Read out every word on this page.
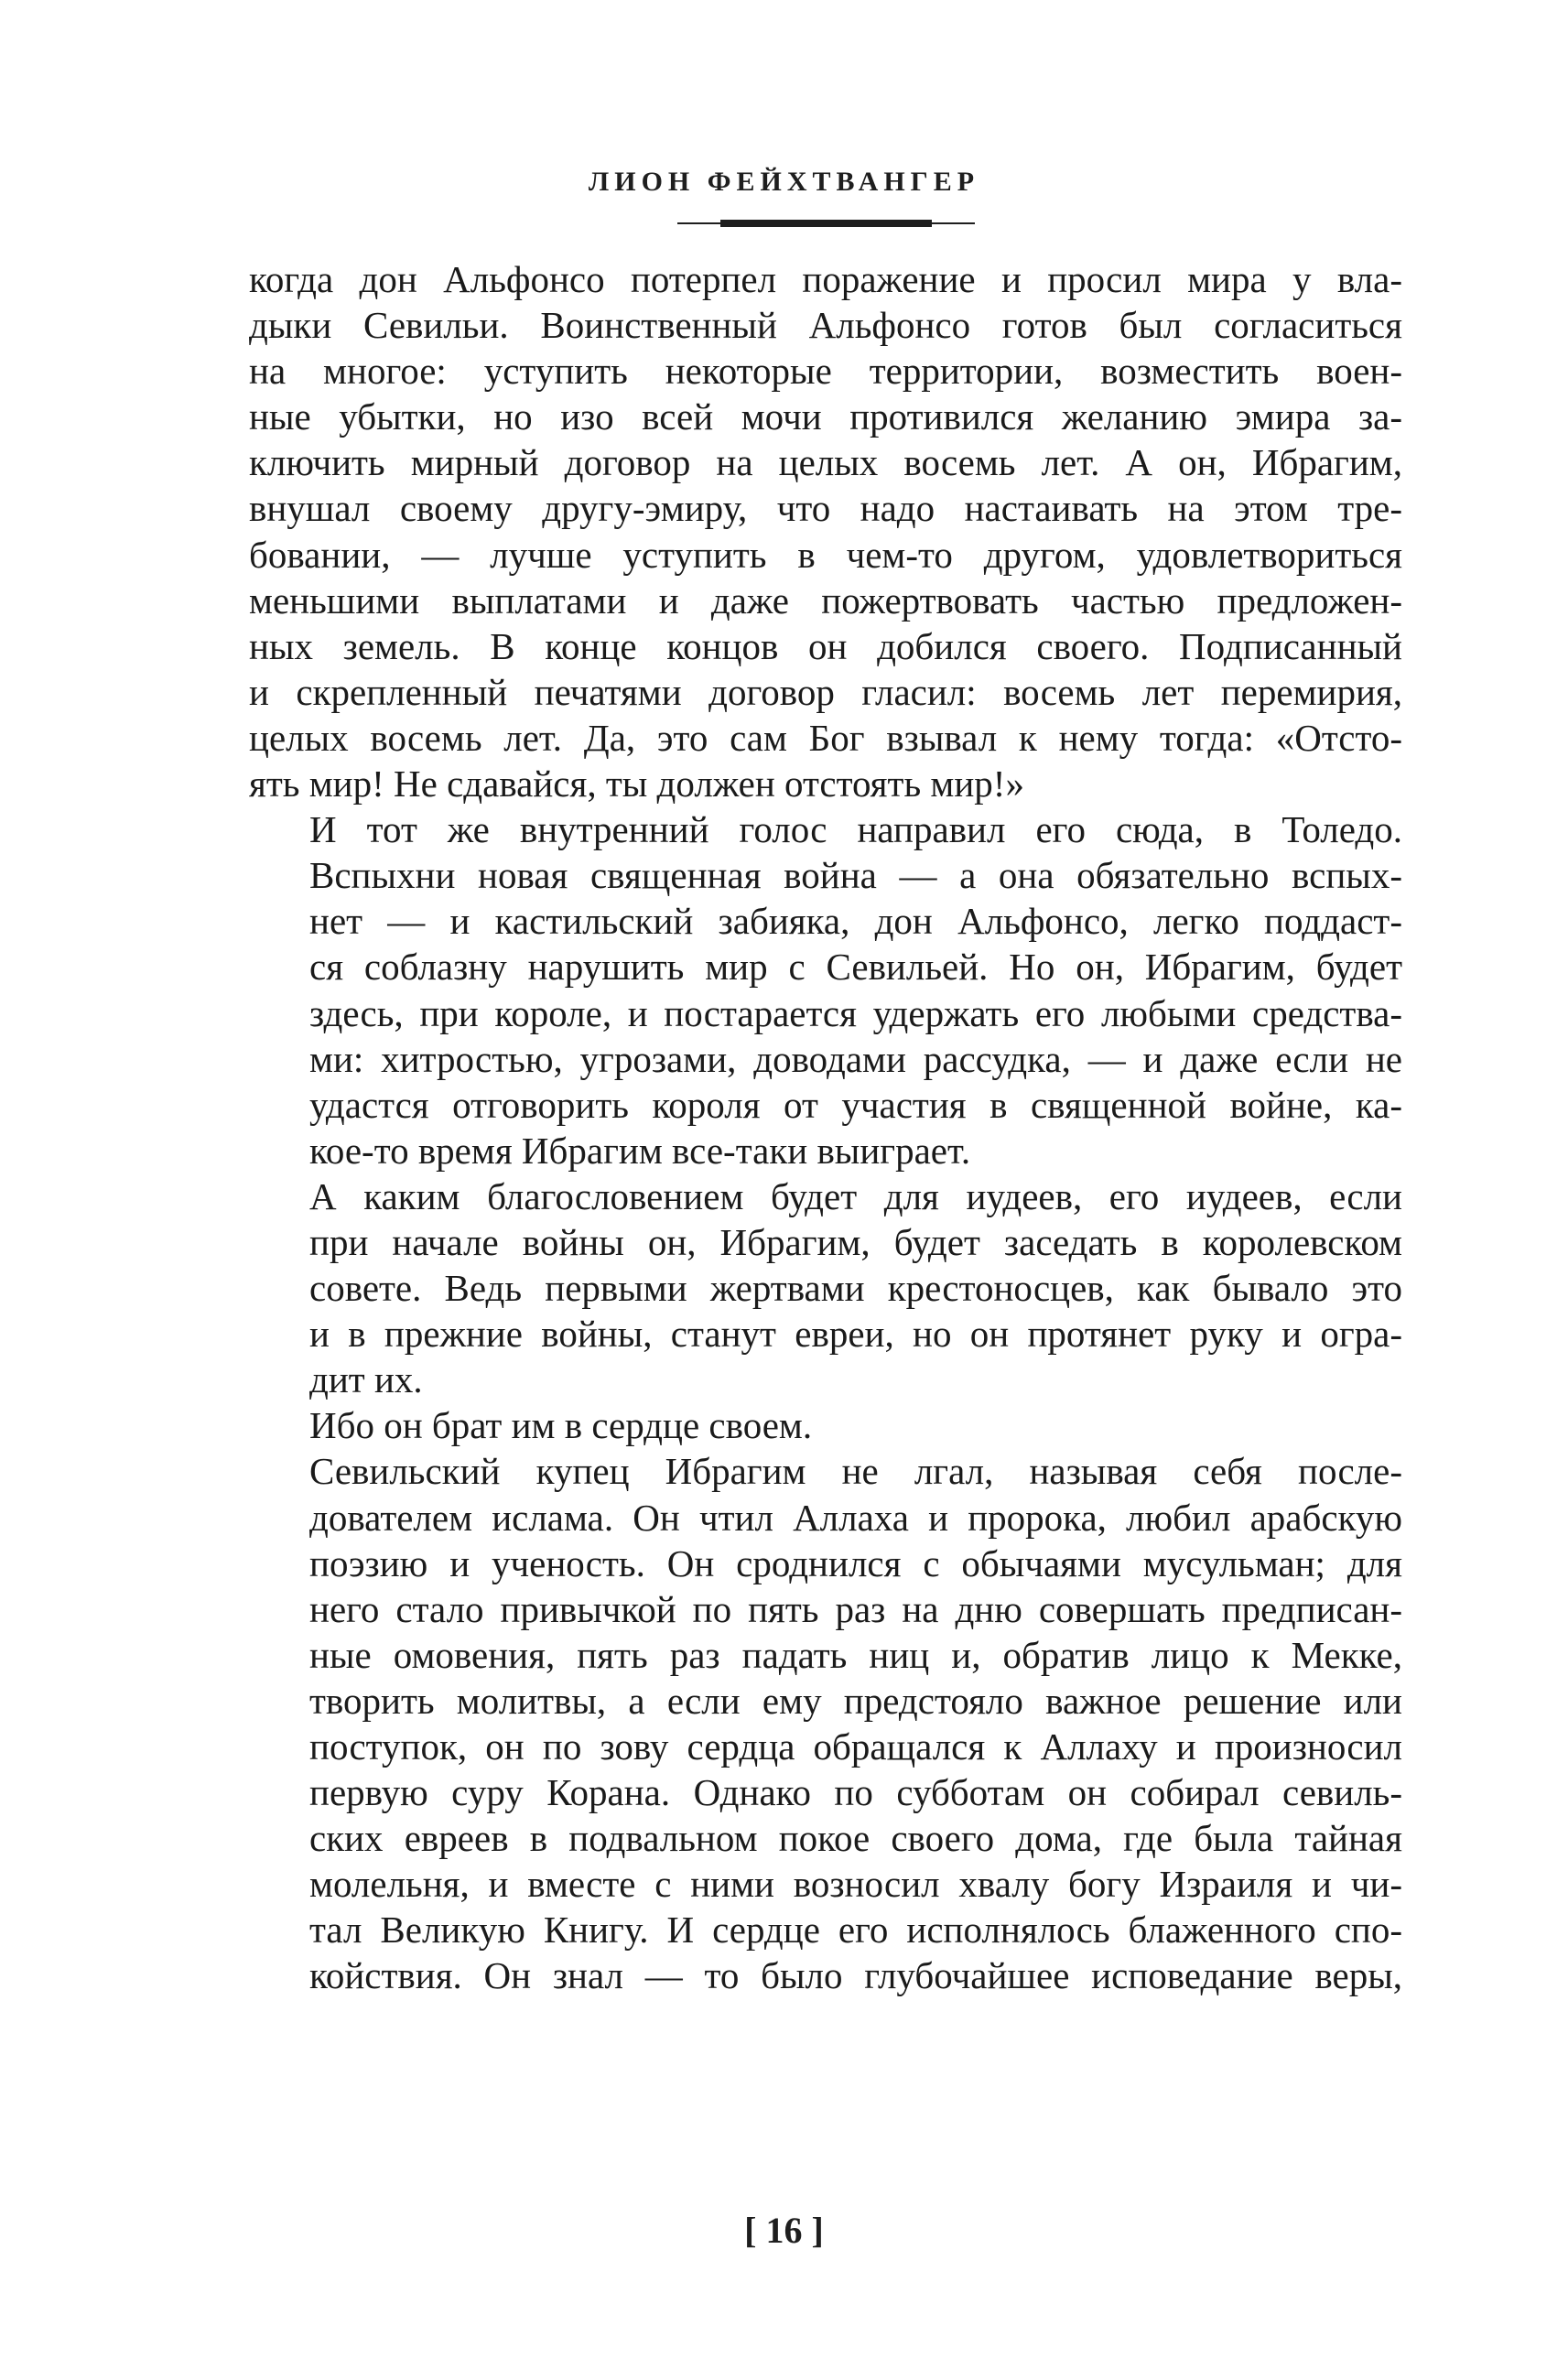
ЛИОН ФЕЙХТВАНГЕР

когда дон Альфонсо потерпел поражение и просил мира у вла-
дыки Севильи. Воинственный Альфонсо готов был согласиться
на многое: уступить некоторые территории, возместить воен-
ные убытки, но изо всей мочи противился желанию эмира за-
ключить мирный договор на целых восемь лет. А он, Ибрагим,
внушал своему другу-эмиру, что надо настаивать на этом тре-
бовании, — лучше уступить в чем-то другом, удовлетвориться
меньшими выплатами и даже пожертвовать частью предложен-
ных земель. В конце концов он добился своего. Подписанный
и скрепленный печатями договор гласил: восемь лет перемирия,
целых восемь лет. Да, это сам Бог взывал к нему тогда: «Отсто-
ять мир! Не сдавайся, ты должен отстоять мир!»

И тот же внутренний голос направил его сюда, в Толедо.
Вспыхни новая священная война — а она обязательно вспых-
нет — и кастильский забияка, дон Альфонсо, легко поддаст-
ся соблазну нарушить мир с Севильей. Но он, Ибрагим, будет
здесь, при короле, и постарается удержать его любыми средства-
ми: хитростью, угрозами, доводами рассудка, — и даже если не
удастся отговорить короля от участия в священной войне, ка-
кое-то время Ибрагим все-таки выиграет.

А каким благословением будет для иудеев, его иудеев, если
при начале войны он, Ибрагим, будет заседать в королевском
совете. Ведь первыми жертвами крестоносцев, как бывало это
и в прежние войны, станут евреи, но он протянет руку и огра-
дит их.

Ибо он брат им в сердце своем.

Севильский купец Ибрагим не лгал, называя себя после-
дователем ислама. Он чтил Аллаха и пророка, любил арабскую
поэзию и ученость. Он сроднился с обычаями мусульман; для
него стало привычкой по пять раз на дню совершать предписан-
ные омовения, пять раз падать ниц и, обратив лицо к Мекке,
творить молитвы, а если ему предстояло важное решение или
поступок, он по зову сердца обращался к Аллаху и произносил
первую суру Корана. Однако по субботам он собирал севиль-
ских евреев в подвальном покое своего дома, где была тайная
молельня, и вместе с ними возносил хвалу богу Израиля и чи-
тал Великую Книгу. И сердце его исполнялось блаженного спо-
койствия. Он знал — то было глубочайшее исповедание веры,

[ 16 ]
